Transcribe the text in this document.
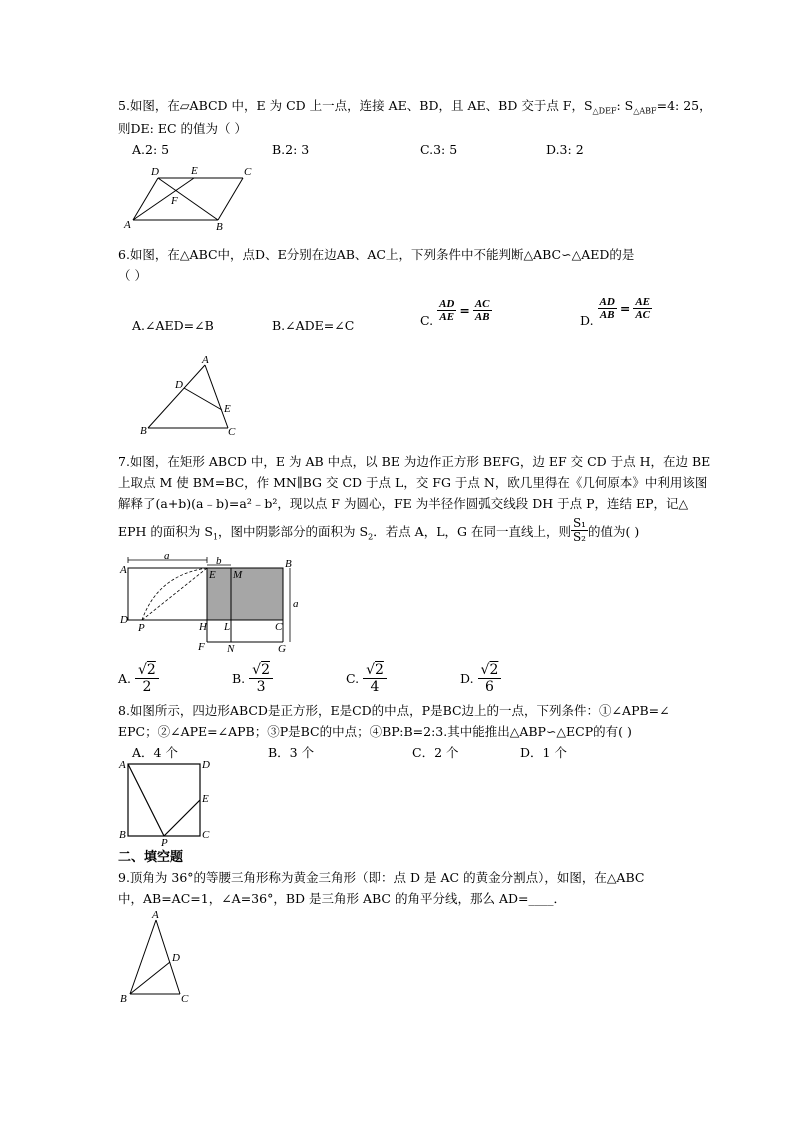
5.如图，在▱ABCD 中，E 为 CD 上一点，连接 AE、BD，且 AE、BD 交于点 F，$S_{\triangle DEF}$: $S_{\triangle ABF}=4$: 25，
则DE: EC 的值为（ ）
A.2: 5	B.2: 3	C.3: 5	D.3: 2
D	E	C
F
A	B
6.如图，在△ABC中，点D、E分别在边AB、AC上，下列条件中不能判断△ABC∽△AED的是
（ ）
A.∠AED=∠B	B.∠ADE=∠C	C. $\frac{AD}{AE} = \frac{AC}{AB}$	D. $\frac{AD}{AB} = \frac{AE}{AC}$
A
D
E
B	C
7.如图，在矩形 ABCD 中，E 为 AB 中点，以 BE 为边作正方形 BEFG，边 EF 交 CD 于点 H，在边 BE
上取点 M 使 BM=BC，作 MN∥BG 交 CD 于点 L，交 FG 于点 N，欧几里得在《几何原本》中利用该图
解释了(a+b)(a﹣b)=a²﹣b²，现以点 F 为圆心，FE 为半径作圆弧交线段 DH 于点 P，连结 EP，记△
EPH 的面积为 $S_1$，图中阴影部分的面积为 $S_2$．若点 A，L，G 在同一直线上，则 $\frac{\text{S₁}}{\text{S₂}}$ 的值为( )
a	b
A	E M
B
a
D
P	H L	C
F N	G
A. $\frac{√2}{2}$	B. $\frac{√2}{3}$	C. $\frac{√2}{4}$	D. $\frac{√2}{6}$
8.如图所示，四边形ABCD是正方形，E是CD的中点，P是BC边上的一点，下列条件：①∠APB=∠
EPC；②∠APE=∠APB；③P是BC的中点；④BP:B=2:3.其中能推出△ABP∽△ECP的有( )
A．4 个	B．3 个	C．2 个	D．1 个
A	D
E
B
P
C
二、填空题
9.顶角为 36°的等腰三角形称为黄金三角形（即：点 D 是 AC 的黄金分割点），如图，在△ABC
中，AB=AC=1，∠A=36°，BD 是三角形 ABC 的角平分线，那么 AD=____．
A
D
B	C
